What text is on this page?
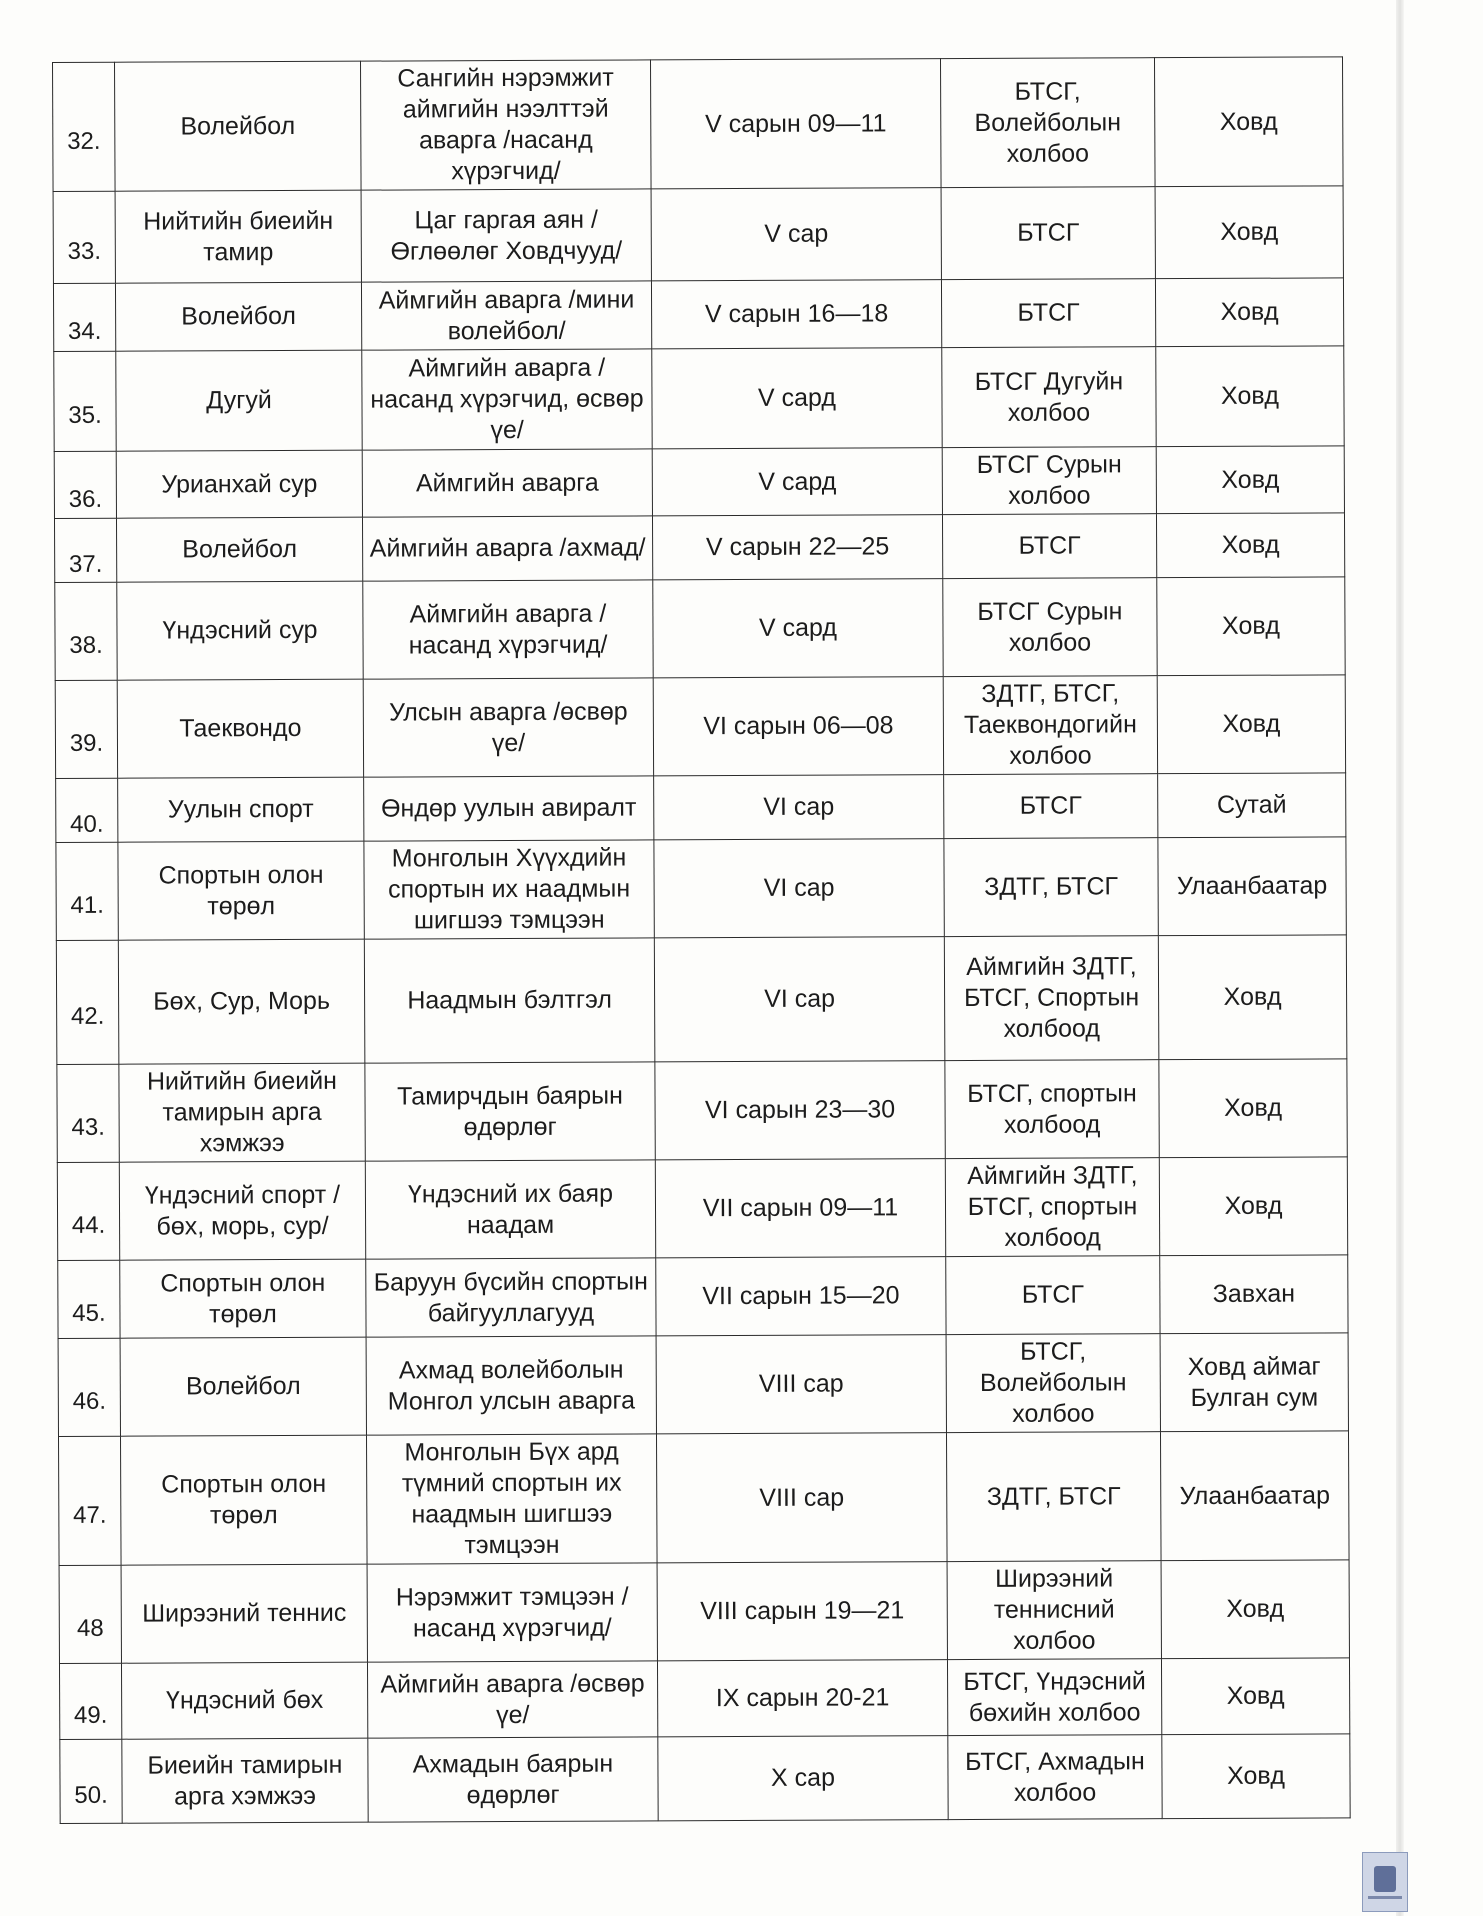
32.	Волейбол	Сангийн нэрэмжит аймгийн нээлттэй аварга /насанд хүрэгчид/	V сарын 09—11	БТСГ, Волейболын холбоо	Ховд
33.	Нийтийн биеийн тамир	Цаг гаргая аян /Өглөөлөг Ховдчууд/	V сар	БТСГ	Ховд
34.	Волейбол	Аймгийн аварга /мини волейбол/	V сарын 16—18	БТСГ	Ховд
35.	Дугуй	Аймгийн аварга /насанд хүрэгчид, өсвөр үе/	V сард	БТСГ Дугуйн холбоо	Ховд
36.	Урианхай сур	Аймгийн аварга	V сард	БТСГ Сурын холбоо	Ховд
37.	Волейбол	Аймгийн аварга /ахмад/	V сарын 22—25	БТСГ	Ховд
38.	Үндэсний сур	Аймгийн аварга /насанд хүрэгчид/	V сард	БТСГ Сурын холбоо	Ховд
39.	Таеквондо	Улсын аварга /өсвөр үе/	VI сарын 06—08	ЗДТГ, БТСГ, Таеквондогийн холбоо	Ховд
40.	Уулын спорт	Өндөр уулын авиралт	VI сар	БТСГ	Сутай
41.	Спортын олон төрөл	Монголын Хүүхдийн спортын их наадмын шигшээ тэмцээн	VI сар	ЗДТГ, БТСГ	Улаанбаатар
42.	Бөх, Сур, Морь	Наадмын бэлтгэл	VI сар	Аймгийн ЗДТГ, БТСГ, Спортын холбоод	Ховд
43.	Нийтийн биеийн тамирын арга хэмжээ	Тамирчдын баярын өдөрлөг	VI сарын 23—30	БТСГ, спортын холбоод	Ховд
44.	Үндэсний спорт /бөх, морь, сур/	Үндэсний их баяр наадам	VII сарын 09—11	Аймгийн ЗДТГ, БТСГ, спортын холбоод	Ховд
45.	Спортын олон төрөл	Баруун бүсийн спортын байгууллагууд	VII сарын 15—20	БТСГ	Завхан
46.	Волейбол	Ахмад волейболын Монгол улсын аварга	VIII сар	БТСГ, Волейболын холбоо	Ховд аймаг Булган сум
47.	Спортын олон төрөл	Монголын Бүх ард түмний спортын их наадмын шигшээ тэмцээн	VIII сар	ЗДТГ, БТСГ	Улаанбаатар
48	Ширээний теннис	Нэрэмжит тэмцээн /насанд хүрэгчид/	VIII сарын 19—21	Ширээний теннисний холбоо	Ховд
49.	Үндэсний бөх	Аймгийн аварга /өсвөр үе/	IX сарын 20-21	БТСГ, Үндэсний бөхийн холбоо	Ховд
50.	Биеийн тамирын арга хэмжээ	Ахмадын баярын өдөрлөг	X сар	БТСГ, Ахмадын холбоо	Ховд
